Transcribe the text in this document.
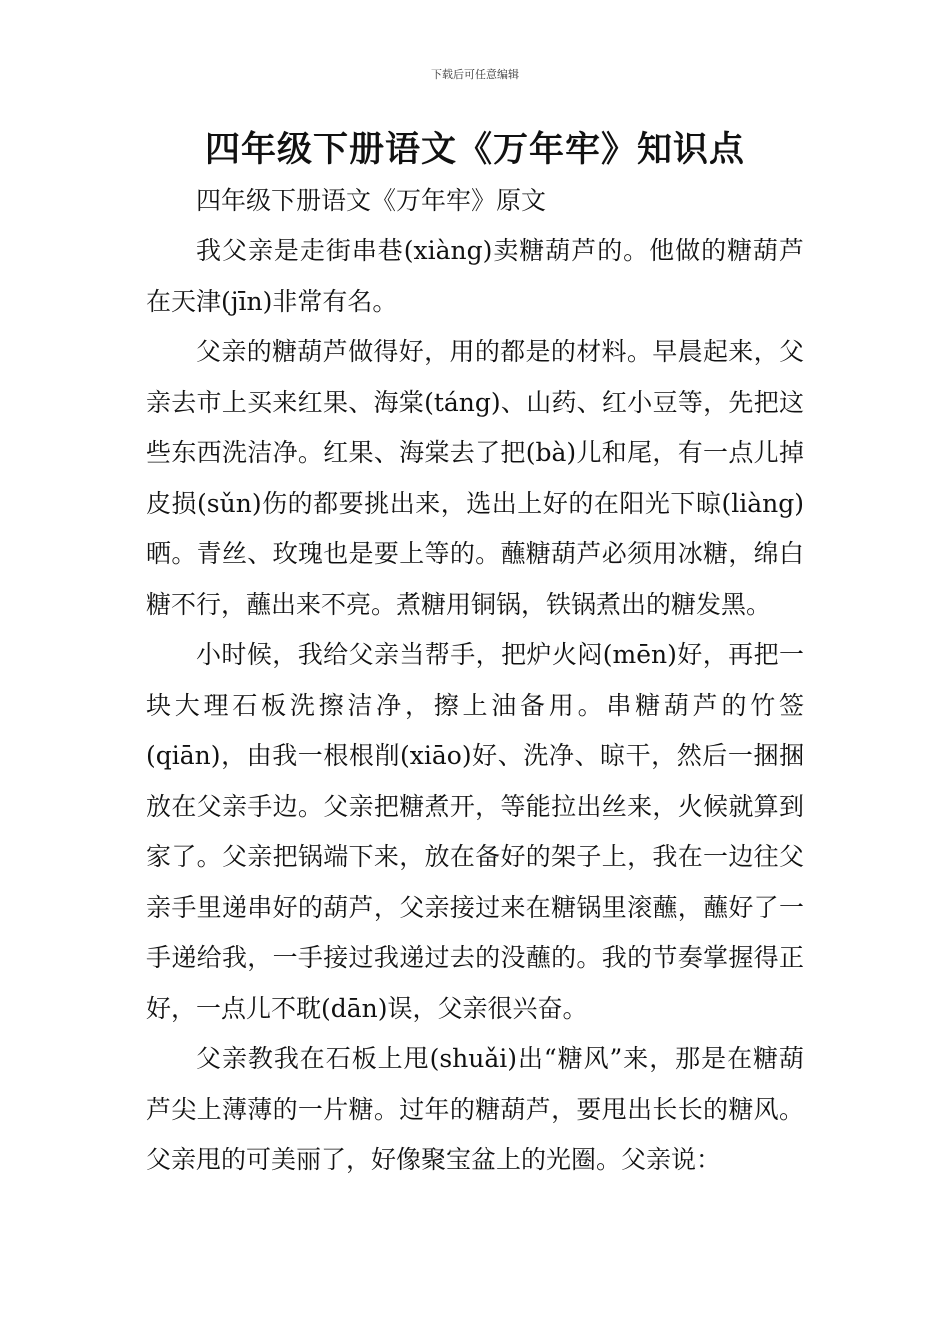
下载后可任意编辑
四年级下册语文《万年牢》知识点

四年级下册语文《万年牢》原文

我父亲是走街串巷(xiàng)卖糖葫芦的。他做的糖葫芦在天津(jīn)非常有名。

父亲的糖葫芦做得好，用的都是的材料。早晨起来，父亲去市上买来红果、海棠(táng)、山药、红小豆等，先把这些东西洗洁净。红果、海棠去了把(bà)儿和尾，有一点儿掉皮损(sǔn)伤的都要挑出来，选出上好的在阳光下晾(liàng)晒。青丝、玫瑰也是要上等的。蘸糖葫芦必须用冰糖，绵白糖不行，蘸出来不亮。煮糖用铜锅，铁锅煮出的糖发黑。

小时候，我给父亲当帮手，把炉火闷(mēn)好，再把一块大理石板洗擦洁净，擦上油备用。串糖葫芦的竹签(qiān)，由我一根根削(xiāo)好、洗净、晾干，然后一捆捆放在父亲手边。父亲把糖煮开，等能拉出丝来，火候就算到家了。父亲把锅端下来，放在备好的架子上，我在一边往父亲手里递串好的葫芦，父亲接过来在糖锅里滚蘸，蘸好了一手递给我，一手接过我递过去的没蘸的。我的节奏掌握得正好，一点儿不耽(dān)误，父亲很兴奋。

父亲教我在石板上甩(shuǎi)出“糖风”来，那是在糖葫芦尖上薄薄的一片糖。过年的糖葫芦，要甩出长长的糖风。父亲甩的可美丽了，好像聚宝盆上的光圈。父亲说：
